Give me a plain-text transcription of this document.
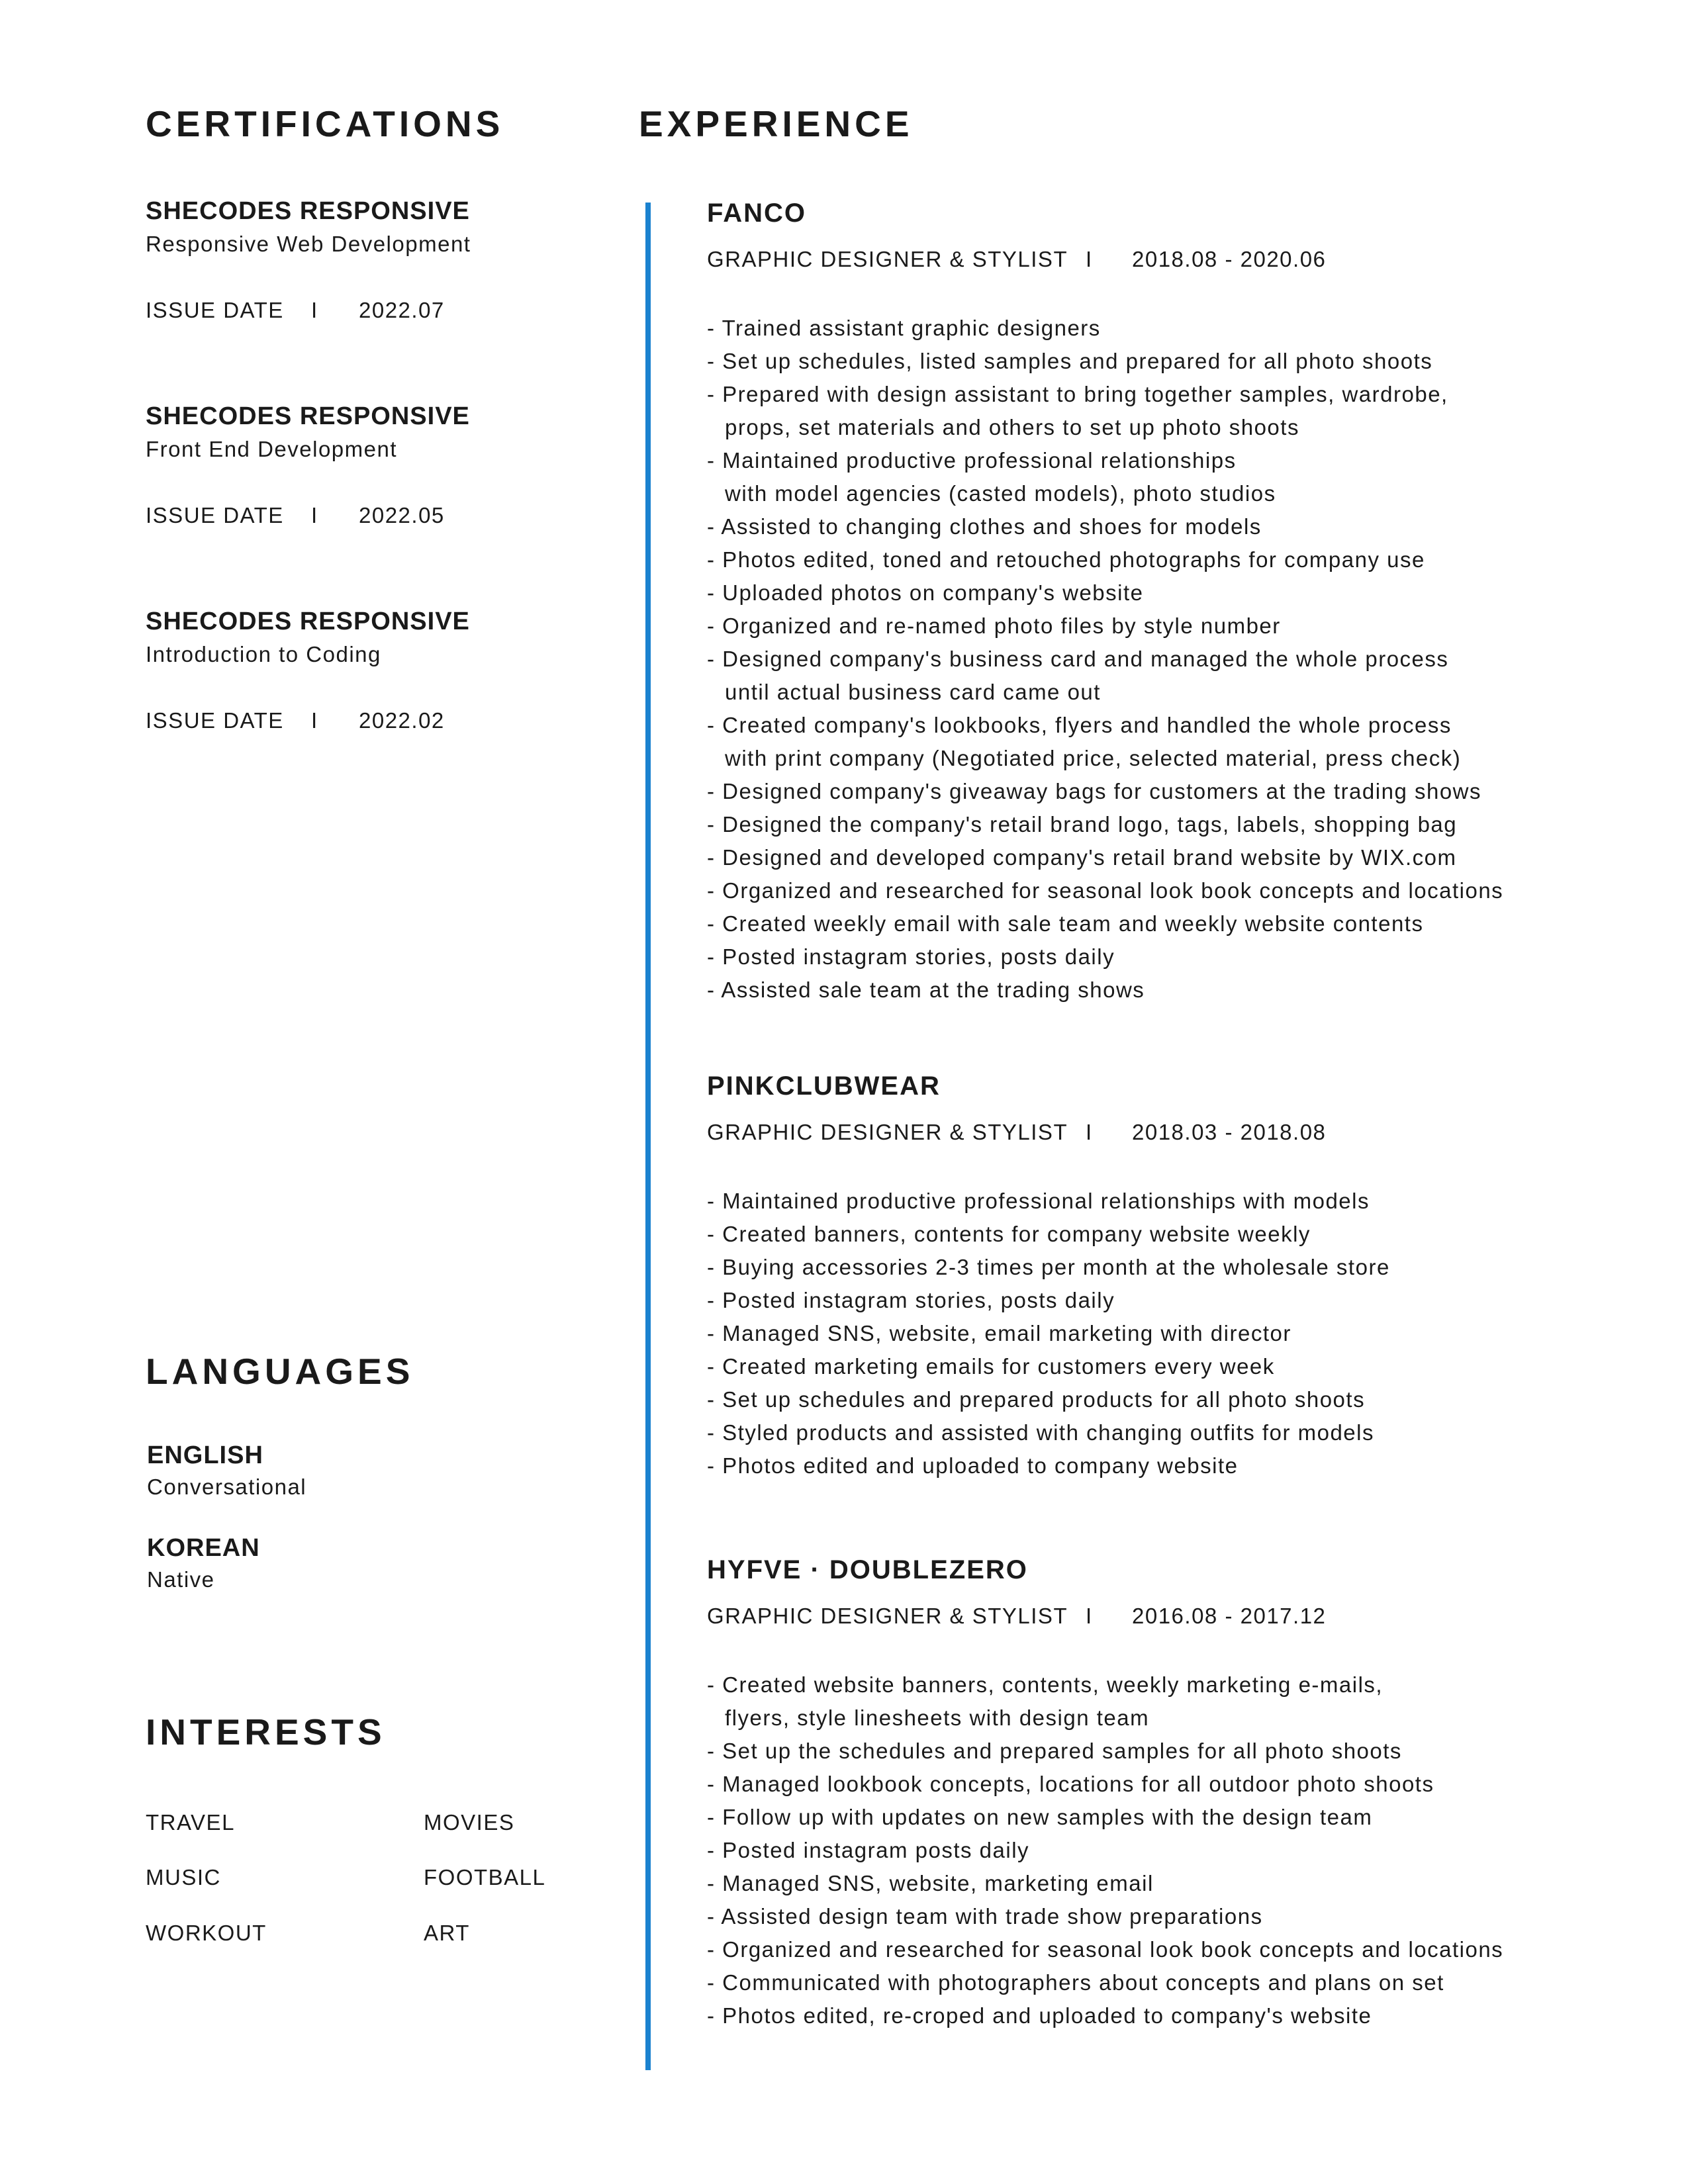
CERTIFICATIONS	EXPERIENCE
LANGUAGES
INTERESTS
SHECODES RESPONSIVE
Responsive Web Development
ISSUE DATE I 2022.07
SHECODES RESPONSIVE
Front End Development
ISSUE DATE I 2022.05
SHECODES RESPONSIVE
Introduction to Coding
ISSUE DATE I 2022.02
ENGLISH
Conversational
KOREAN
Native
TRAVEL	MOVIES
MUSIC	FOOTBALL
WORKOUT	ART
FANCO
GRAPHIC DESIGNER & STYLIST I 2018.08 - 2020.06
- Trained assistant graphic designers
- Set up schedules, listed samples and prepared for all photo shoots
- Prepared with design assistant to bring together samples, wardrobe,
props, set materials and others to set up photo shoots
- Maintained productive professional relationships
with model agencies (casted models), photo studios
- Assisted to changing clothes and shoes for models
- Photos edited, toned and retouched photographs for company use
- Uploaded photos on company's website
- Organized and re-named photo files by style number
- Designed company's business card and managed the whole process
until actual business card came out
- Created company's lookbooks, flyers and handled the whole process
with print company (Negotiated price, selected material, press check)
- Designed company's giveaway bags for customers at the trading shows
- Designed the company's retail brand logo, tags, labels, shopping bag
- Designed and developed company's retail brand website by WIX.com
- Organized and researched for seasonal look book concepts and locations
- Created weekly email with sale team and weekly website contents
- Posted instagram stories, posts daily
- Assisted sale team at the trading shows
PINKCLUBWEAR
GRAPHIC DESIGNER & STYLIST I 2018.03 - 2018.08
- Maintained productive professional relationships with models
- Created banners, contents for company website weekly
- Buying accessories 2-3 times per month at the wholesale store
- Posted instagram stories, posts daily
- Managed SNS, website, email marketing with director
- Created marketing emails for customers every week
- Set up schedules and prepared products for all photo shoots
- Styled products and assisted with changing outfits for models
- Photos edited and uploaded to company website
HYFVE · DOUBLEZERO
GRAPHIC DESIGNER & STYLIST I 2016.08 - 2017.12
- Created website banners, contents, weekly marketing e-mails,
flyers, style linesheets with design team
- Set up the schedules and prepared samples for all photo shoots
- Managed lookbook concepts, locations for all outdoor photo shoots
- Follow up with updates on new samples with the design team
- Posted instagram posts daily
- Managed SNS, website, marketing email
- Assisted design team with trade show preparations
- Organized and researched for seasonal look book concepts and locations
- Communicated with photographers about concepts and plans on set
- Photos edited, re-croped and uploaded to company's website
